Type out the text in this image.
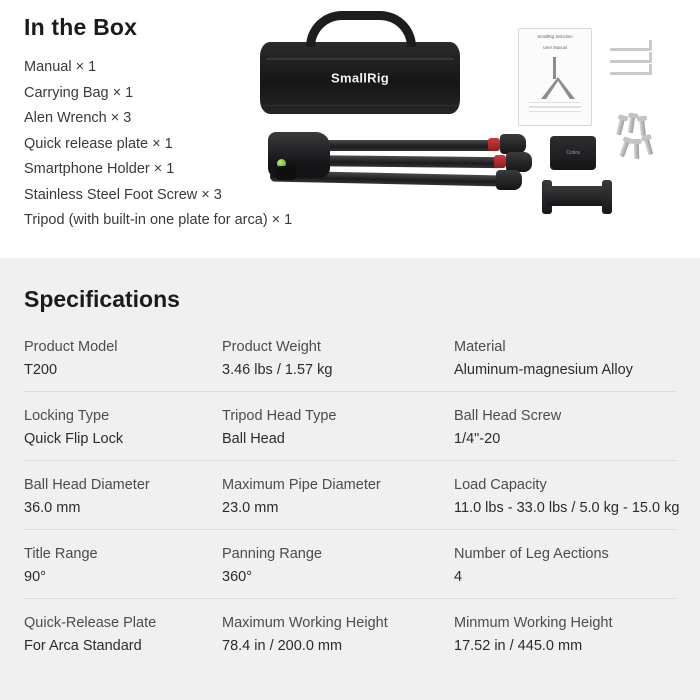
In the Box
Manual × 1
Carrying Bag × 1
Alen Wrench × 3
Quick release plate × 1
Smartphone Holder × 1
Stainless Steel Foot Screw × 3
Tripod (with built-in one plate for arca) × 1
SmallRig
SmallRig Selection
User Manual
Cobra
Specifications
Product Model
T200
Product Weight
3.46 lbs / 1.57 kg
Material
Aluminum-magnesium Alloy
Locking Type
Quick Flip Lock
Tripod Head Type
Ball Head
Ball Head Screw
1/4"-20
Ball Head Diameter
36.0 mm
Maximum Pipe Diameter
23.0 mm
Load Capacity
11.0 lbs - 33.0 lbs / 5.0 kg - 15.0 kg
Title Range
90°
Panning Range
360°
Number of Leg Aections
4
Quick-Release Plate
For Arca Standard
Maximum Working Height
78.4 in / 200.0 mm
Minmum Working Height
17.52 in / 445.0 mm
